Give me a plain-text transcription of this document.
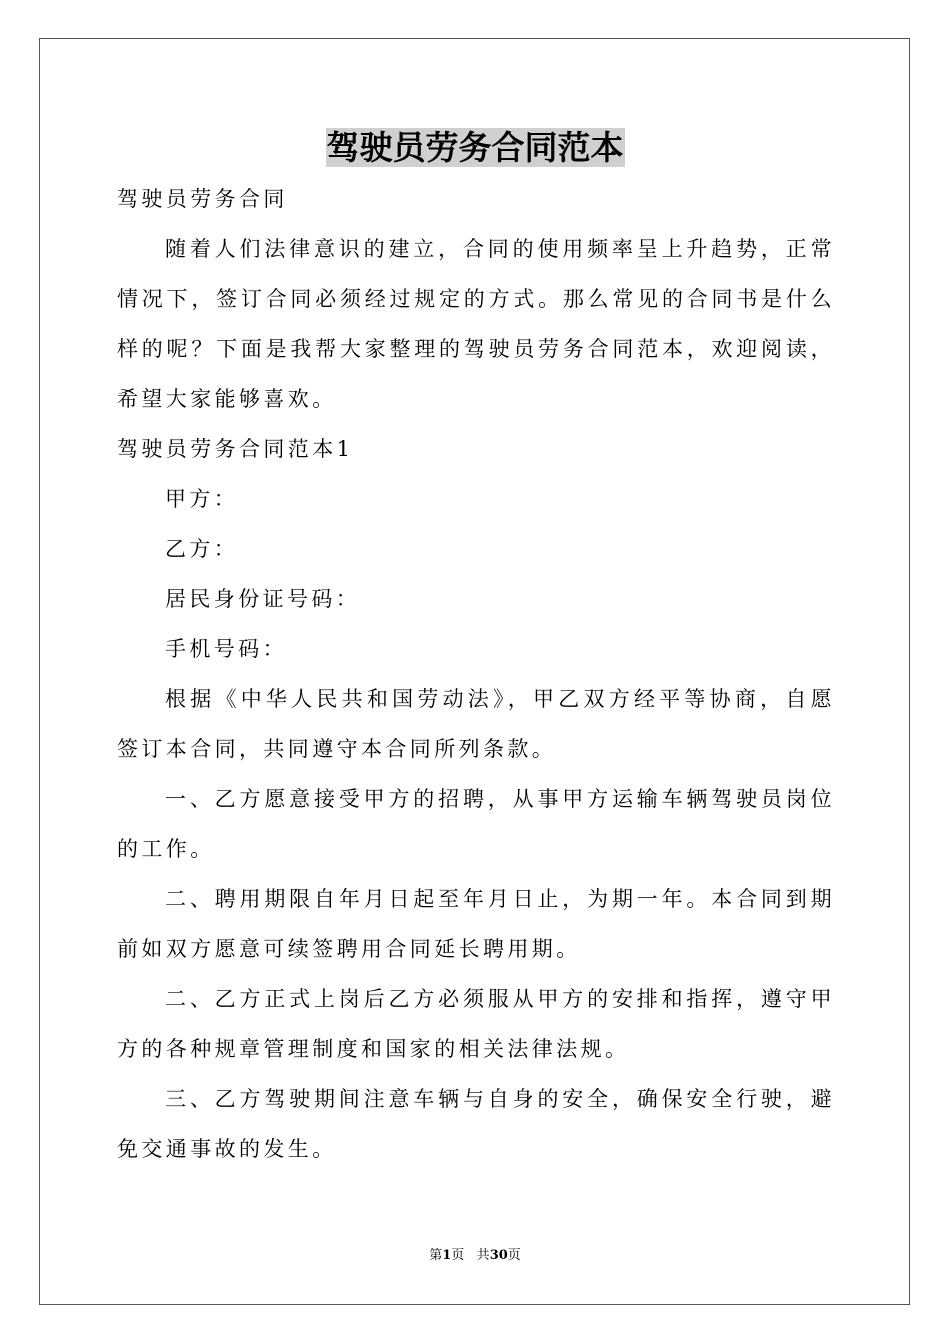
驾驶员劳务合同范本

驾驶员劳务合同

随着人们法律意识的建立，合同的使用频率呈上升趋势，正常情况下，签订合同必须经过规定的方式。那么常见的合同书是什么样的呢？下面是我帮大家整理的驾驶员劳务合同范本，欢迎阅读，希望大家能够喜欢。

驾驶员劳务合同范本1

甲方：

乙方：

居民身份证号码：

手机号码：

根据《中华人民共和国劳动法》，甲乙双方经平等协商，自愿签订本合同，共同遵守本合同所列条款。

一、乙方愿意接受甲方的招聘，从事甲方运输车辆驾驶员岗位的工作。

二、聘用期限自年月日起至年月日止，为期一年。本合同到期前如双方愿意可续签聘用合同延长聘用期。

二、乙方正式上岗后乙方必须服从甲方的安排和指挥，遵守甲方的各种规章管理制度和国家的相关法律法规。

三、乙方驾驶期间注意车辆与自身的安全，确保安全行驶，避免交通事故的发生。

第1页 共30页
